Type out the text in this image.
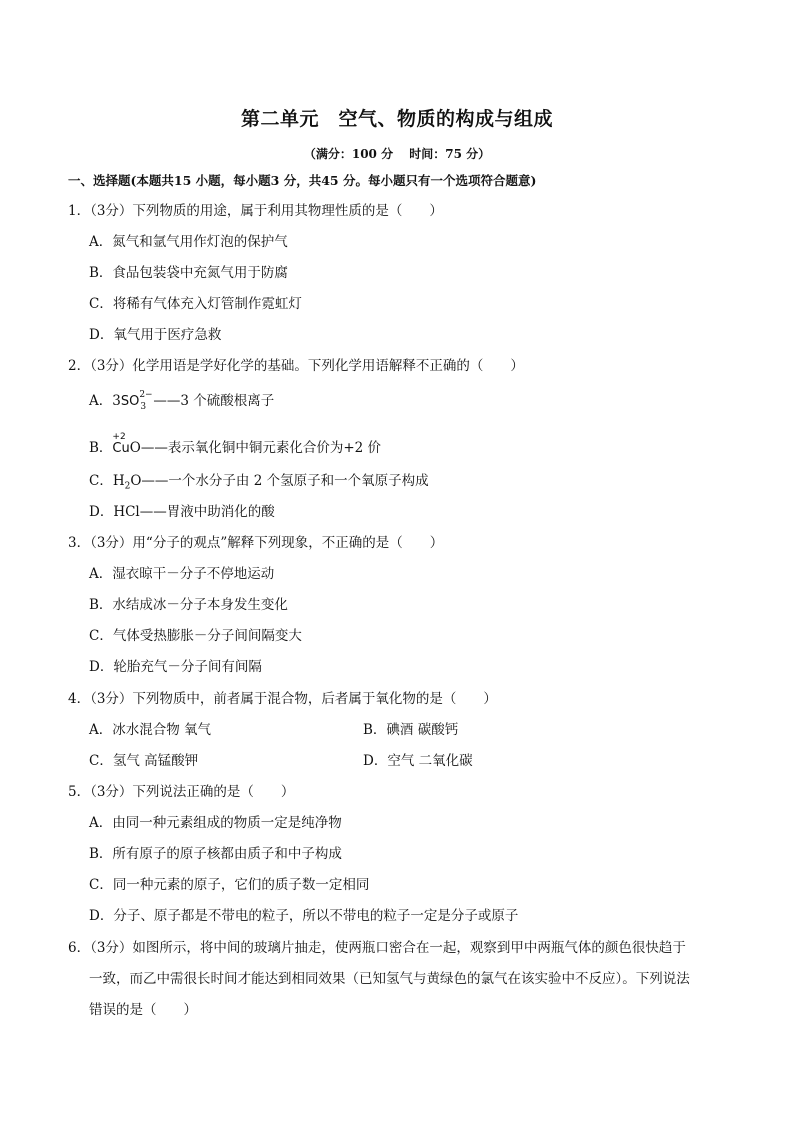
第二单元　空气、物质的构成与组成
（满分：100 分　 时间：75 分）
一、选择题(本题共15 小题，每小题3 分，共45 分。每小题只有一个选项符合题意)
1．（3分）下列物质的用途，属于利用其物理性质的是（　　）
A．氮气和氩气用作灯泡的保护气
B．食品包装袋中充氮气用于防腐
C．将稀有气体充入灯管制作霓虹灯
D．氧气用于医疗急救
2．（3分）化学用语是学好化学的基础。下列化学用语解释不正确的（　　）
A．3SO 2−
3 ——3 个硫酸根离子
B．
+2
CuO——表示氧化铜中铜元素化合价为+2 价
C．$H_2O——$一个水分子由 2 个氢原子和一个氧原子构成
D．HCl——胃液中助消化的酸
3．（3分）用“分子的观点”解释下列现象，不正确的是（　　）
A．湿衣晾干－分子不停地运动
B．水结成冰－分子本身发生变化
C．气体受热膨胀－分子间间隔变大
D．轮胎充气－分子间有间隔
4．（3分）下列物质中，前者属于混合物，后者属于氧化物的是（　　）
A．冰水混合物 氧气	B．碘酒 碳酸钙
C．氢气 高锰酸钾	D．空气 二氧化碳
5．（3分）下列说法正确的是（　　）
A．由同一种元素组成的物质一定是纯净物
B．所有原子的原子核都由质子和中子构成
C．同一种元素的原子，它们的质子数一定相同
D．分子、原子都是不带电的粒子，所以不带电的粒子一定是分子或原子
6．（3分）如图所示，将中间的玻璃片抽走，使两瓶口密合在一起，观察到甲中两瓶气体的颜色很快趋于
一致，而乙中需很长时间才能达到相同效果（已知氢气与黄绿色的氯气在该实验中不反应）。下列说法
错误的是（　　）
